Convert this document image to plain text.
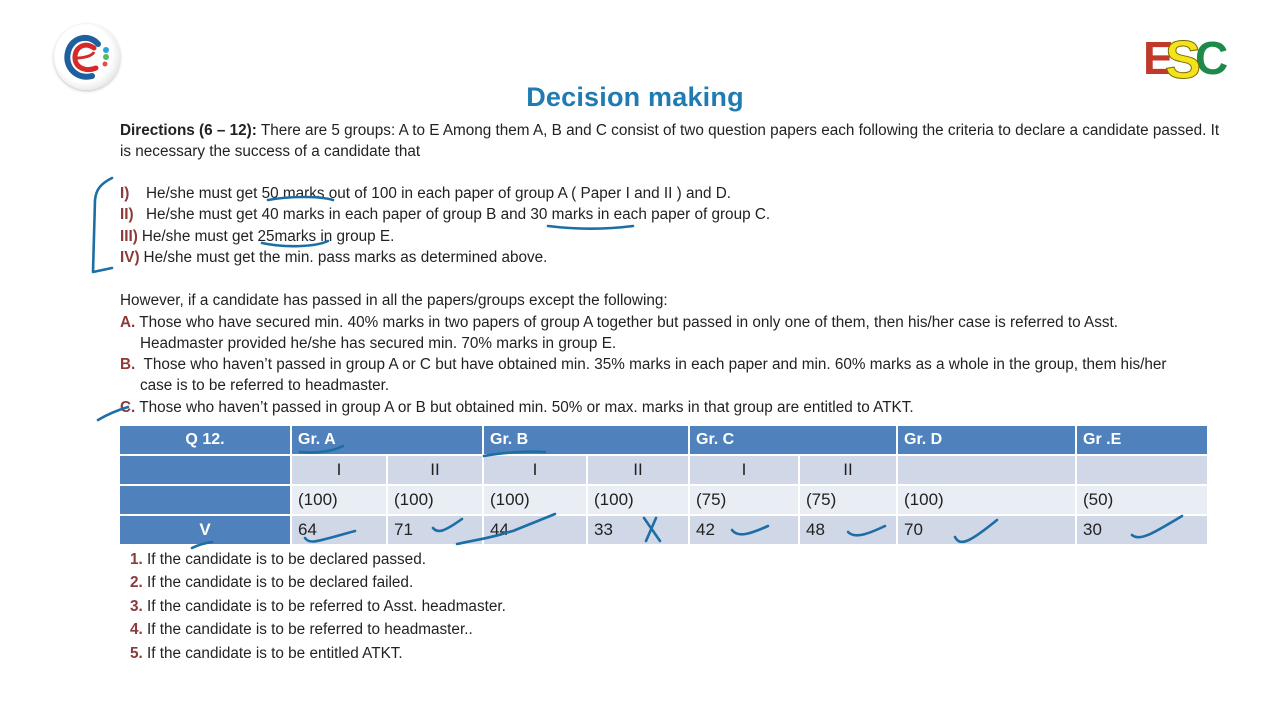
E C
S
Decision making
Directions (6 – 12): There are 5 groups: A to E Among them A, B and C consist of two question papers each following the criteria to declare a candidate passed. It is necessary the success of a candidate that
I) He/she must get 50 marks out of 100 in each paper of group A ( Paper I and II ) and D.
II) He/she must get 40 marks in each paper of group B and 30 marks in each paper of group C.
III) He/she must get 25marks in group E.
IV) He/she must get the min. pass marks as determined above.
However, if a candidate has passed in all the papers/groups except the following:
A. Those who have secured min. 40% marks in two papers of group A together but passed in only one of them, then his/her case is referred to Asst.
Headmaster provided he/she has secured min. 70% marks in group E.
B. Those who haven’t passed in group A or C but have obtained min. 35% marks in each paper and min. 60% marks as a whole in the group, them his/her
case is to be referred to headmaster.
C. Those who haven’t passed in group A or B but obtained min. 50% or max. marks in that group are entitled to ATKT.
Q 12.	Gr. A		Gr. B		Gr. C		Gr. D	Gr .E
	I	II	I	II	I	II		
	(100)	(100)	(100)	(100)	(75)	(75)	(100)	(50)
V	64	71	44	33	42	48	70	30
1. If the candidate is to be declared passed.
2. If the candidate is to be declared failed.
3. If the candidate is to be referred to Asst. headmaster.
4. If the candidate is to be referred to headmaster..
5. If the candidate is to be entitled ATKT.
